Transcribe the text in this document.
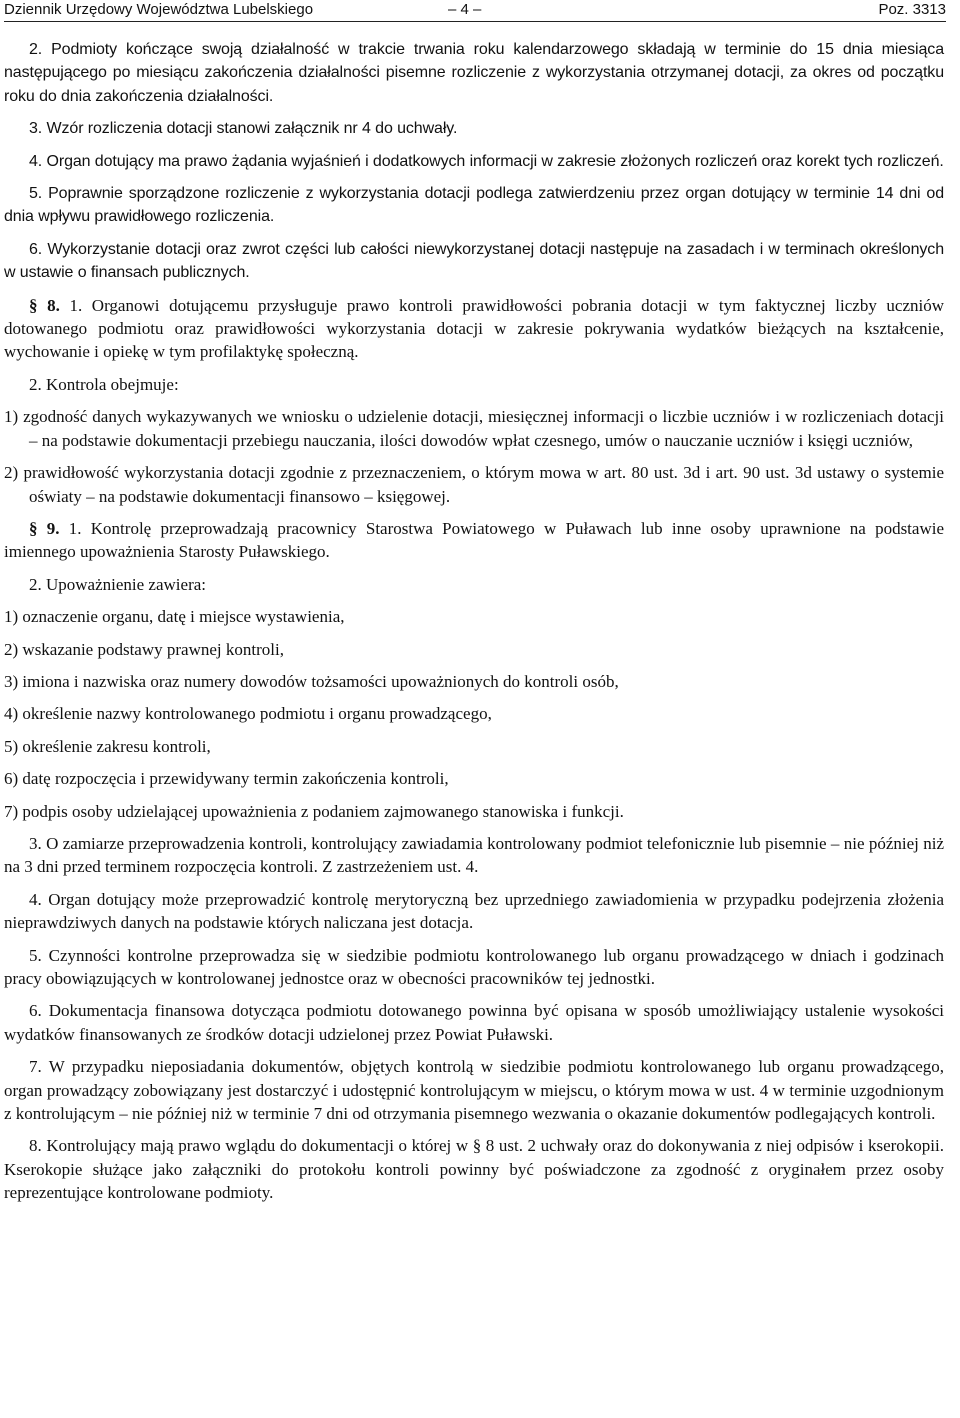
Dziennik Urzędowy Województwa Lubelskiego	– 4 –	Poz. 3313

2. Podmioty kończące swoją działalność w trakcie trwania roku kalendarzowego składają w terminie do 15 dnia miesiąca następującego po miesiącu zakończenia działalności pisemne rozliczenie z wykorzystania otrzymanej dotacji, za okres od początku roku do dnia zakończenia działalności.

3. Wzór rozliczenia dotacji stanowi załącznik nr 4 do uchwały.

4. Organ dotujący ma prawo żądania wyjaśnień i dodatkowych informacji w zakresie złożonych rozliczeń oraz korekt tych rozliczeń.

5. Poprawnie sporządzone rozliczenie z wykorzystania dotacji podlega zatwierdzeniu przez organ dotujący w terminie 14 dni od dnia wpływu prawidłowego rozliczenia.

6. Wykorzystanie dotacji oraz zwrot części lub całości niewykorzystanej dotacji następuje na zasadach i w terminach określonych w ustawie o finansach publicznych.

§ 8. 1. Organowi dotującemu przysługuje prawo kontroli prawidłowości pobrania dotacji w tym faktycznej liczby uczniów dotowanego podmiotu oraz prawidłowości wykorzystania dotacji w zakresie pokrywania wydatków bieżących na kształcenie, wychowanie i opiekę w tym profilaktykę społeczną.

2. Kontrola obejmuje:

1) zgodność danych wykazywanych we wniosku o udzielenie dotacji, miesięcznej informacji o liczbie uczniów i w rozliczeniach dotacji – na podstawie dokumentacji przebiegu nauczania, ilości dowodów wpłat czesnego, umów o nauczanie uczniów i księgi uczniów,

2) prawidłowość wykorzystania dotacji zgodnie z przeznaczeniem, o którym mowa w art. 80 ust. 3d i art. 90 ust. 3d ustawy o systemie oświaty – na podstawie dokumentacji finansowo – księgowej.

§ 9. 1. Kontrolę przeprowadzają pracownicy Starostwa Powiatowego w Puławach lub inne osoby uprawnione na podstawie imiennego upoważnienia Starosty Puławskiego.

2. Upoważnienie zawiera:

1) oznaczenie organu, datę i miejsce wystawienia,

2) wskazanie podstawy prawnej kontroli,

3) imiona i nazwiska oraz numery dowodów tożsamości upoważnionych do kontroli osób,

4) określenie nazwy kontrolowanego podmiotu i organu prowadzącego,

5) określenie zakresu kontroli,

6) datę rozpoczęcia i przewidywany termin zakończenia kontroli,

7) podpis osoby udzielającej upoważnienia z podaniem zajmowanego stanowiska i funkcji.

3. O zamiarze przeprowadzenia kontroli, kontrolujący zawiadamia kontrolowany podmiot telefonicznie lub pisemnie – nie później niż na 3 dni przed terminem rozpoczęcia kontroli. Z zastrzeżeniem ust. 4.

4. Organ dotujący może przeprowadzić kontrolę merytoryczną bez uprzedniego zawiadomienia w przypadku podejrzenia złożenia nieprawdziwych danych na podstawie których naliczana jest dotacja.

5. Czynności kontrolne przeprowadza się w siedzibie podmiotu kontrolowanego lub organu prowadzącego w dniach i godzinach pracy obowiązujących w kontrolowanej jednostce oraz w obecności pracowników tej jednostki.

6. Dokumentacja finansowa dotycząca podmiotu dotowanego powinna być opisana w sposób umożliwiający ustalenie wysokości wydatków finansowanych ze środków dotacji udzielonej przez Powiat Puławski.

7. W przypadku nieposiadania dokumentów, objętych kontrolą w siedzibie podmiotu kontrolowanego lub organu prowadzącego, organ prowadzący zobowiązany jest dostarczyć i udostępnić kontrolującym w miejscu, o którym mowa w ust. 4 w terminie uzgodnionym z kontrolującym – nie później niż w terminie 7 dni od otrzymania pisemnego wezwania o okazanie dokumentów podlegających kontroli.

8. Kontrolujący mają prawo wglądu do dokumentacji o której w § 8 ust. 2 uchwały oraz do dokonywania z niej odpisów i kserokopii. Kserokopie służące jako załączniki do protokołu kontroli powinny być poświadczone za zgodność z oryginałem przez osoby reprezentujące kontrolowane podmioty.
